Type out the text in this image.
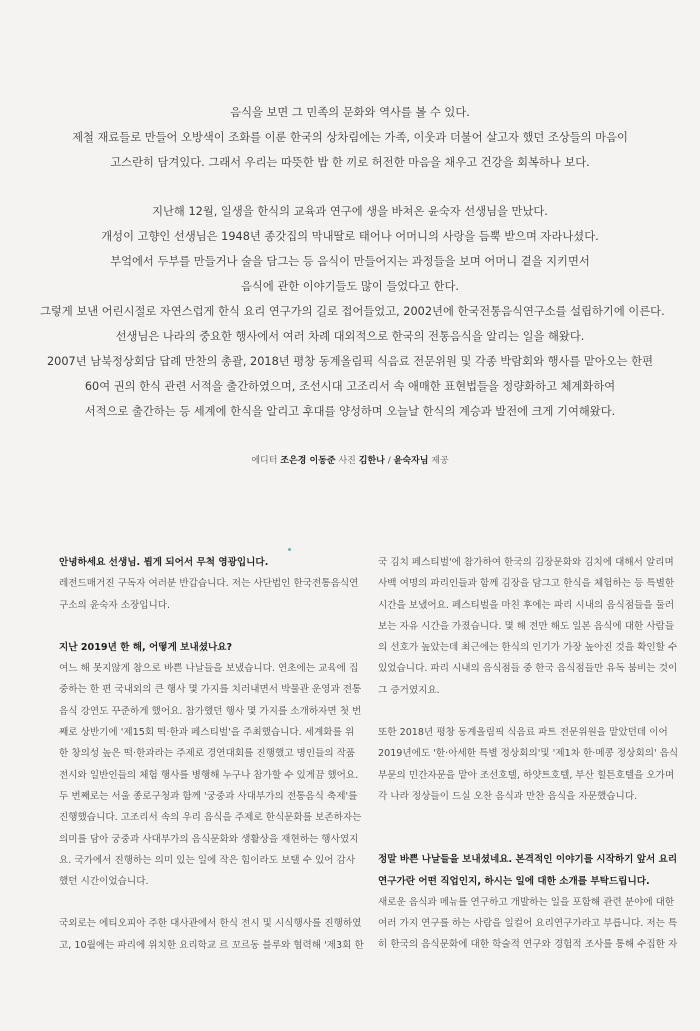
음식을 보면 그 민족의 문화와 역사를 볼 수 있다.

제철 재료들로 만들어 오방색이 조화를 이룬 한국의 상차림에는 가족, 이웃과 더불어 살고자 했던 조상들의 마음이

고스란히 담겨있다. 그래서 우리는 따뜻한 밥 한 끼로 허전한 마음을 채우고 건강을 회복하나 보다.

지난해 12월, 일생을 한식의 교육과 연구에 생을 바쳐온 윤숙자 선생님을 만났다.

개성이 고향인 선생님은 1948년 종갓집의 막내딸로 태어나 어머니의 사랑을 듬뿍 받으며 자라나셨다.

부엌에서 두부를 만들거나 술을 담그는 등 음식이 만들어지는 과정들을 보며 어머니 곁을 지키면서

음식에 관한 이야기들도 많이 들었다고 한다.

그렇게 보낸 어린시절로 자연스럽게 한식 요리 연구가의 길로 접어들었고, 2002년에 한국전통음식연구소를 설립하기에 이른다.

선생님은 나라의 중요한 행사에서 여러 차례 대외적으로 한국의 전통음식을 알리는 일을 해왔다.

2007년 남북정상회담 답례 만찬의 총괄, 2018년 평창 동계올림픽 식음료 전문위원 및 각종 박람회와 행사를 맡아오는 한편

60여 권의 한식 관련 서적을 출간하였으며, 조선시대 고조리서 속 애매한 표현법들을 정량화하고 체계화하여

서적으로 출간하는 등 세계에 한식을 알리고 후대를 양성하며 오늘날 한식의 계승과 발전에 크게 기여해왔다.

에디터 조은경 이동준 사진 김한나 / 윤숙자님 제공
안녕하세요 선생님. 뵙게 되어서 무척 영광입니다.
레전드매거진 구독자 여러분 반갑습니다. 저는 사단법인 한국전통음식연
구소의 윤숙자 소장입니다.
지난 2019년 한 해, 어떻게 보내셨나요?
여느 해 못지않게 참으로 바쁜 나날들을 보냈습니다. 연초에는 교육에 집
중하는 한 편 국내외의 큰 행사 몇 가지를 치러내면서 박물관 운영과 전통
음식 강연도 꾸준하게 했어요. 참가했던 행사 몇 가지를 소개하자면 첫 번
째로 상반기에 '제15회 떡·한과 페스티벌'을 주최했습니다. 세계화를 위
한 창의성 높은 떡·한과라는 주제로 경연대회를 진행했고 명인들의 작품
전시와 일반인들의 체험 행사를 병행해 누구나 참가할 수 있게끔 했어요.
두 번째로는 서울 종로구청과 함께 '궁중과 사대부가의 전통음식 축제'를
진행했습니다. 고조리서 속의 우리 음식을 주제로 한식문화를 보존하자는
의미를 담아 궁중과 사대부가의 음식문화와 생활상을 재현하는 행사였지
요. 국가에서 진행하는 의미 있는 일에 작은 힘이라도 보탤 수 있어 감사
했던 시간이었습니다.
국외로는 에티오피아 주한 대사관에서 한식 전시 및 시식행사를 진행하였
고, 10월에는 파리에 위치한 요리학교 르 꼬르동 블루와 협력해 '제3회 한
국 김치 페스티벌'에 참가하여 한국의 김장문화와 김치에 대해서 알리며
사백 여명의 파리인들과 함께 김장을 담그고 한식을 체험하는 등 특별한
시간을 보냈어요. 페스티벌을 마친 후에는 파리 시내의 음식점들을 둘러
보는 자유 시간을 가졌습니다. 몇 해 전만 해도 일본 음식에 대한 사람들
의 선호가 높았는데 최근에는 한식의 인기가 가장 높아진 것을 확인할 수
있었습니다. 파리 시내의 음식점들 중 한국 음식점들만 유독 붐비는 것이
그 증거였지요.
또한 2018년 평창 동계올림픽 식음료 파트 전문위원을 맡았던데 이어
2019년에도 '한·아세한 특별 정상회의'및 '제1차 한·메콩 정상회의' 음식
부문의 민간자문을 맡아 조선호텔, 하얏트호텔, 부산 힐튼호텔을 오가며
각 나라 정상들이 드실 오찬 음식과 만찬 음식을 자문했습니다.
정말 바쁜 나날들을 보내셨네요. 본격적인 이야기를 시작하기 앞서 요리
연구가란 어떤 직업인지, 하시는 일에 대한 소개를 부탁드립니다.
새로운 음식과 메뉴를 연구하고 개발하는 일을 포함해 관련 분야에 대한
여러 가지 연구를 하는 사람을 일컬어 요리연구가라고 부릅니다. 저는 특
히 한국의 음식문화에 대한 학술적 연구와 경험적 조사를 통해 수집한 자
